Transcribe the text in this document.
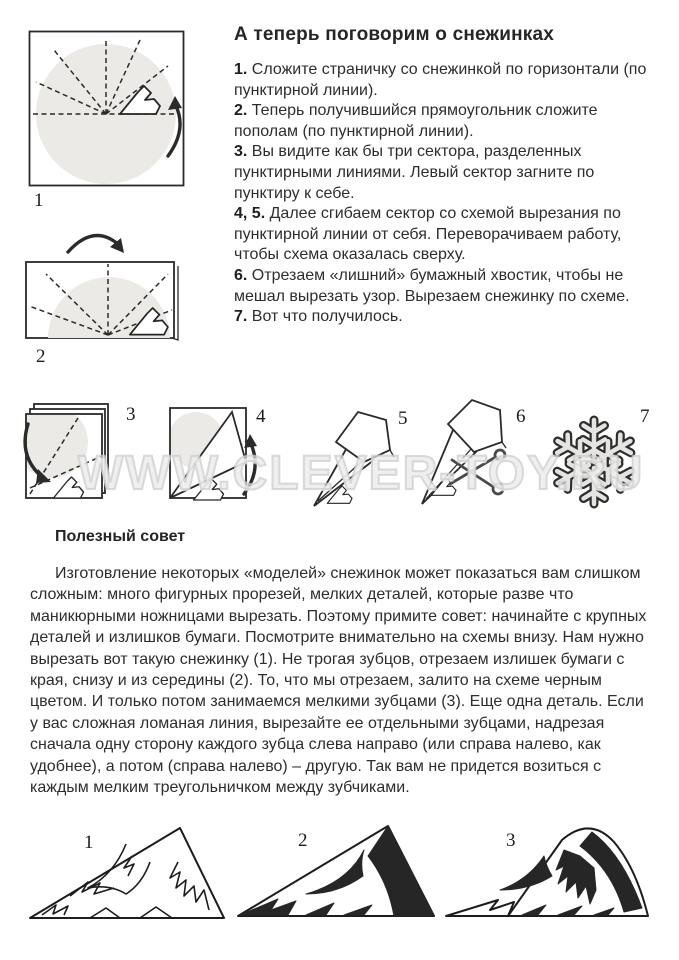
1
2
А теперь поговорим о снежинках

1. Сложите страничку со снежинкой по горизонтали (по пунктирной линии).

2. Теперь получившийся прямоугольник сложите пополам (по пунктирной линии).

3. Вы видите как бы три сектора, разделенных пунктирными линиями. Левый сектор загните по пунктиру к себе.

4, 5. Далее сгибаем сектор со схемой вырезания по пунктирной линии от себя. Переворачиваем работу, чтобы схема оказалась сверху.

6. Отрезаем «лишний» бумажный хвостик, чтобы не мешал вырезать узор. Вырезаем снежинку по схеме.

7. Вот что получилось.

3	4	5	6	7
WWW.CLEVER-TOY.RU
Полезный совет

Изготовление некоторых «моделей» снежинок может показаться вам слишком сложным: много фигурных прорезей, мелких деталей, которые разве что маникюрными ножницами вырезать. Поэтому примите совет: начинайте с крупных деталей и излишков бумаги. Посмотрите внимательно на схемы внизу. Нам нужно вырезать вот такую снежинку (1). Не трогая зубцов, отрезаем излишек бумаги с края, снизу и из середины (2). То, что мы отрезаем, залито на схеме черным цветом. И только потом занимаемся мелкими зубцами (3). Еще одна деталь. Если у вас сложная ломаная линия, вырезайте ее отдельными зубцами, надрезая сначала одну сторону каждого зубца слева направо (или справа налево, как удобнее), а потом (справа налево) – другую. Так вам не придется возиться с каждым мелким треугольничком между зубчиками.

1	2	3
